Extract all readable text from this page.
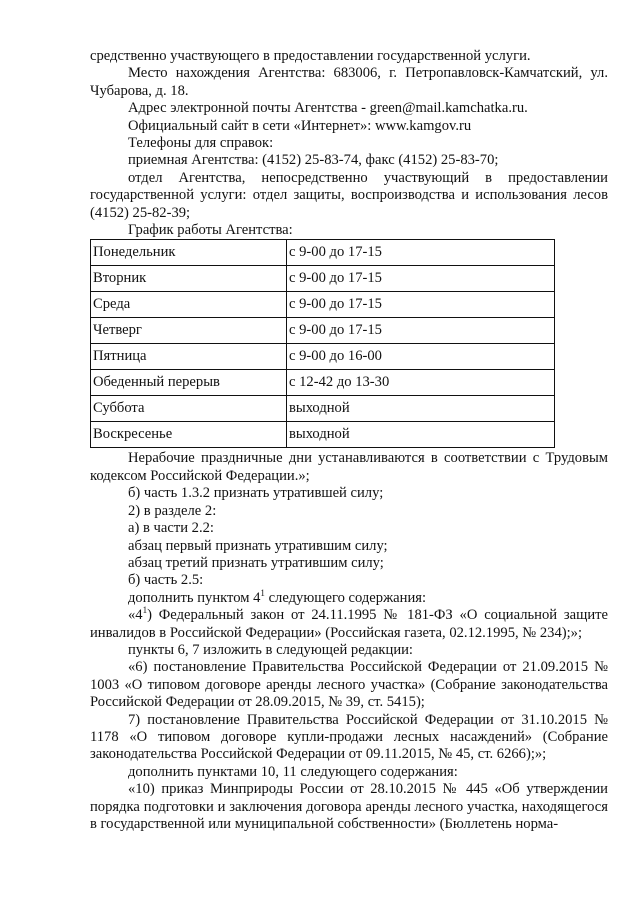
средственно участвующего в предоставлении государственной услуги.

Место нахождения Агентства: 683006, г. Петропавловск-Камчатский, ул. Чубарова, д. 18.

Адрес электронной почты Агентства - green@mail.kamchatka.ru.

Официальный сайт в сети «Интернет»: www.kamgov.ru

Телефоны для справок:

приемная Агентства: (4152) 25-83-74, факс (4152) 25-83-70;

отдел Агентства, непосредственно участвующий в предоставлении государственной услуги: отдел защиты, воспроизводства и использования лесов (4152) 25-82-39;

График работы Агентства:

Понедельник	с 9-00 до 17-15
Вторник	с 9-00 до 17-15
Среда	с 9-00 до 17-15
Четверг	с 9-00 до 17-15
Пятница	с 9-00 до 16-00
Обеденный перерыв	с 12-42 до 13-30
Суббота	выходной
Воскресенье	выходной

Нерабочие праздничные дни устанавливаются в соответствии с Трудовым кодексом Российской Федерации.»;

б) часть 1.3.2 признать утратившей силу;

2) в разделе 2:

а) в части 2.2:

абзац первый признать утратившим силу;

абзац третий признать утратившим силу;

б) часть 2.5:

дополнить пунктом $4^1$ следующего содержания:

«$4^1$) Федеральный закон от 24.11.1995 № 181-ФЗ «О социальной защите инвалидов в Российской Федерации» (Российская газета, 02.12.1995, № 234);»;

пункты 6, 7 изложить в следующей редакции:

«6) постановление Правительства Российской Федерации от 21.09.2015 № 1003 «О типовом договоре аренды лесного участка» (Собрание законодательства Российской Федерации от 28.09.2015, № 39, ст. 5415);

7) постановление Правительства Российской Федерации от 31.10.2015 № 1178 «О типовом договоре купли-продажи лесных насаждений» (Собрание законодательства Российской Федерации от 09.11.2015, № 45, ст. 6266);»;

дополнить пунктами 10, 11 следующего содержания:

«10) приказ Минприроды России от 28.10.2015 № 445 «Об утверждении порядка подготовки и заключения договора аренды лесного участка, находящегося в государственной или муниципальной собственности» (Бюллетень норма-
